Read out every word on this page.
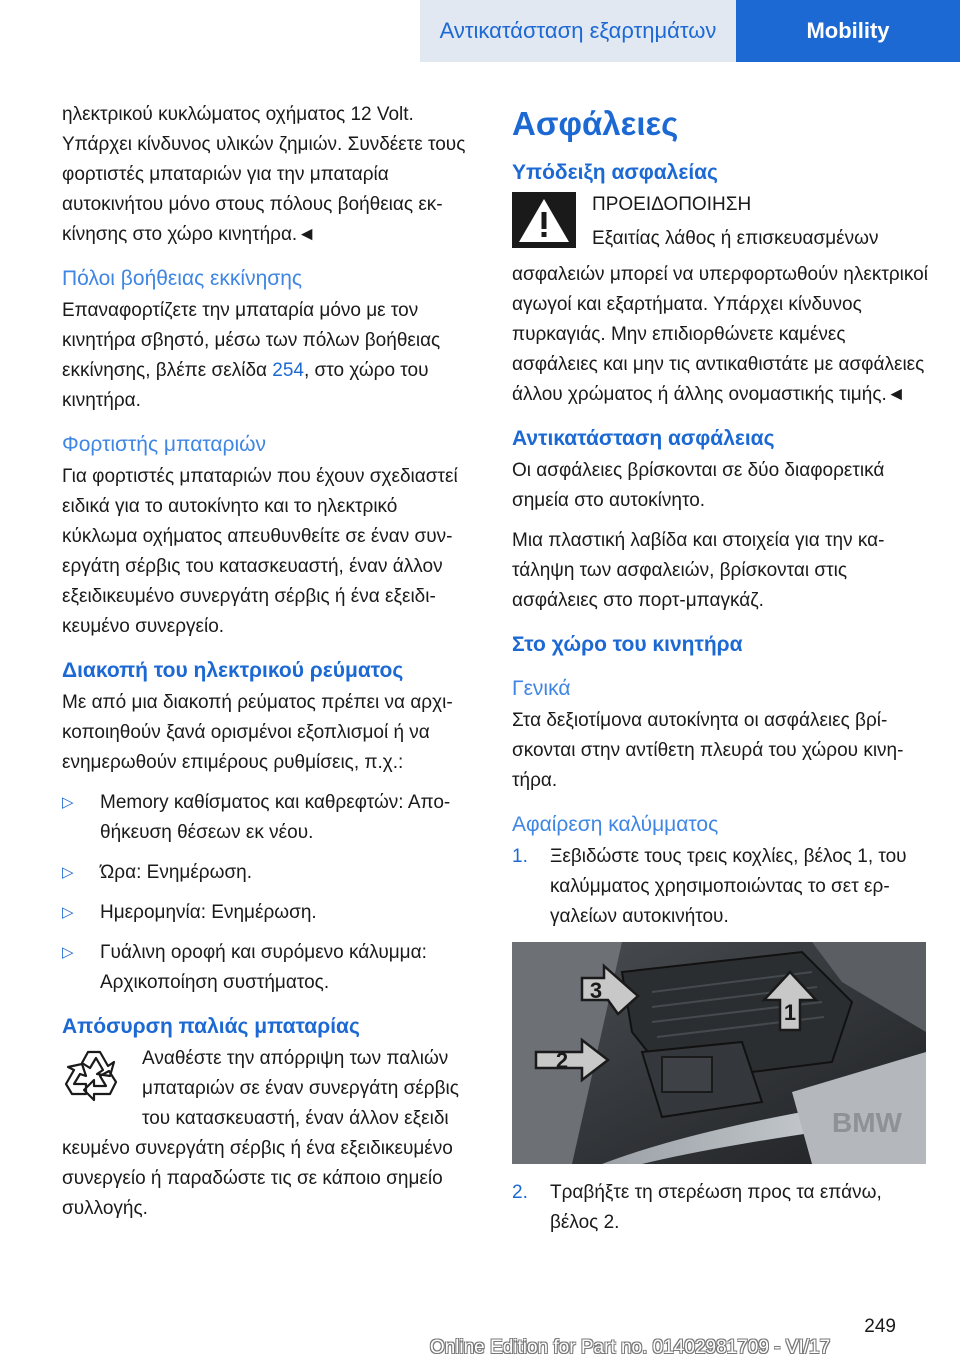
Αντικατάσταση εξαρτημάτων	Mobility

ηλεκτρικού κυκλώματος οχήματος 12 Volt. Υπάρχει κίνδυνος υλικών ζημιών. Συνδέετε τους φορτιστές μπαταριών για την μπαταρία αυτοκινήτου μόνο στους πόλους βοήθειας εκκίνησης στο χώρο κινητήρα.◄

Πόλοι βοήθειας εκκίνησης

Επαναφορτίζετε την μπαταρία μόνο με τον κινητήρα σβηστό, μέσω των πόλων βοήθειας εκκίνησης, βλέπε σελίδα 254, στο χώρο του κινητήρα.

Φορτιστής μπαταριών

Για φορτιστές μπαταριών που έχουν σχεδιαστεί ειδικά για το αυτοκίνητο και το ηλεκτρικό κύκλωμα οχήματος απευθυνθείτε σε έναν συνεργάτη σέρβις του κατασκευαστή, έναν άλλον εξειδικευμένο συνεργάτη σέρβις ή ένα εξειδικευμένο συνεργείο.

Διακοπή του ηλεκτρικού ρεύματος

Με από μια διακοπή ρεύματος πρέπει να αρχικοποιηθούν ξανά ορισμένοι εξοπλισμοί ή να ενημερωθούν επιμέρους ρυθμίσεις, π.χ.:

▷ Memory καθίσματος και καθρεφτών: Αποθήκευση θέσεων εκ νέου.
▷ Ώρα: Ενημέρωση.
▷ Ημερομηνία: Ενημέρωση.
▷ Γυάλινη οροφή και συρόμενο κάλυμμα: Αρχικοποίηση συστήματος.
Απόσυρση παλιάς μπαταρίας

Αναθέστε την απόρριψη των παλιών μπαταριών σε έναν συνεργάτη σέρβις του κατασκευαστή, έναν άλλον εξειδι

κευμένο συνεργάτη σέρβις ή ένα εξειδικευμένο συνεργείο ή παραδώστε τις σε κάποιο σημείο συλλογής.

Ασφάλειες
Υπόδειξη ασφαλείας

ΠΡΟΕΙΔΟΠΟΙΗΣΗ

Εξαιτίας λάθος ή επισκευασμένων

ασφαλειών μπορεί να υπερφορτωθούν ηλεκτρικοί αγωγοί και εξαρτήματα. Υπάρχει κίνδυνος πυρκαγιάς. Μην επιδιορθώνετε καμένες ασφάλειες και μην τις αντικαθιστάτε με ασφάλειες άλλου χρώματος ή άλλης ονομαστικής τιμής.◄

Αντικατάσταση ασφάλειας

Οι ασφάλειες βρίσκονται σε δύο διαφορετικά σημεία στο αυτοκίνητο.

Μια πλαστική λαβίδα και στοιχεία για την κατάληψη των ασφαλειών, βρίσκονται στις ασφάλειες στο πορτ-μπαγκάζ.

Στο χώρο του κινητήρα
Γενικά

Στα δεξιοτίμονα αυτοκίνητα οι ασφάλειες βρίσκονται στην αντίθετη πλευρά του χώρου κινητήρα.

Αφαίρεση καλύμματος
1. Ξεβιδώστε τους τρεις κοχλίες, βέλος 1, του καλύμματος χρησιμοποιώντας το σετ εργαλείων αυτοκινήτου.
BMW
1
2
3
2. Τραβήξτε τη στερέωση προς τα επάνω, βέλος 2.
249
Online Edition for Part no. 01402981709 - VI/17
